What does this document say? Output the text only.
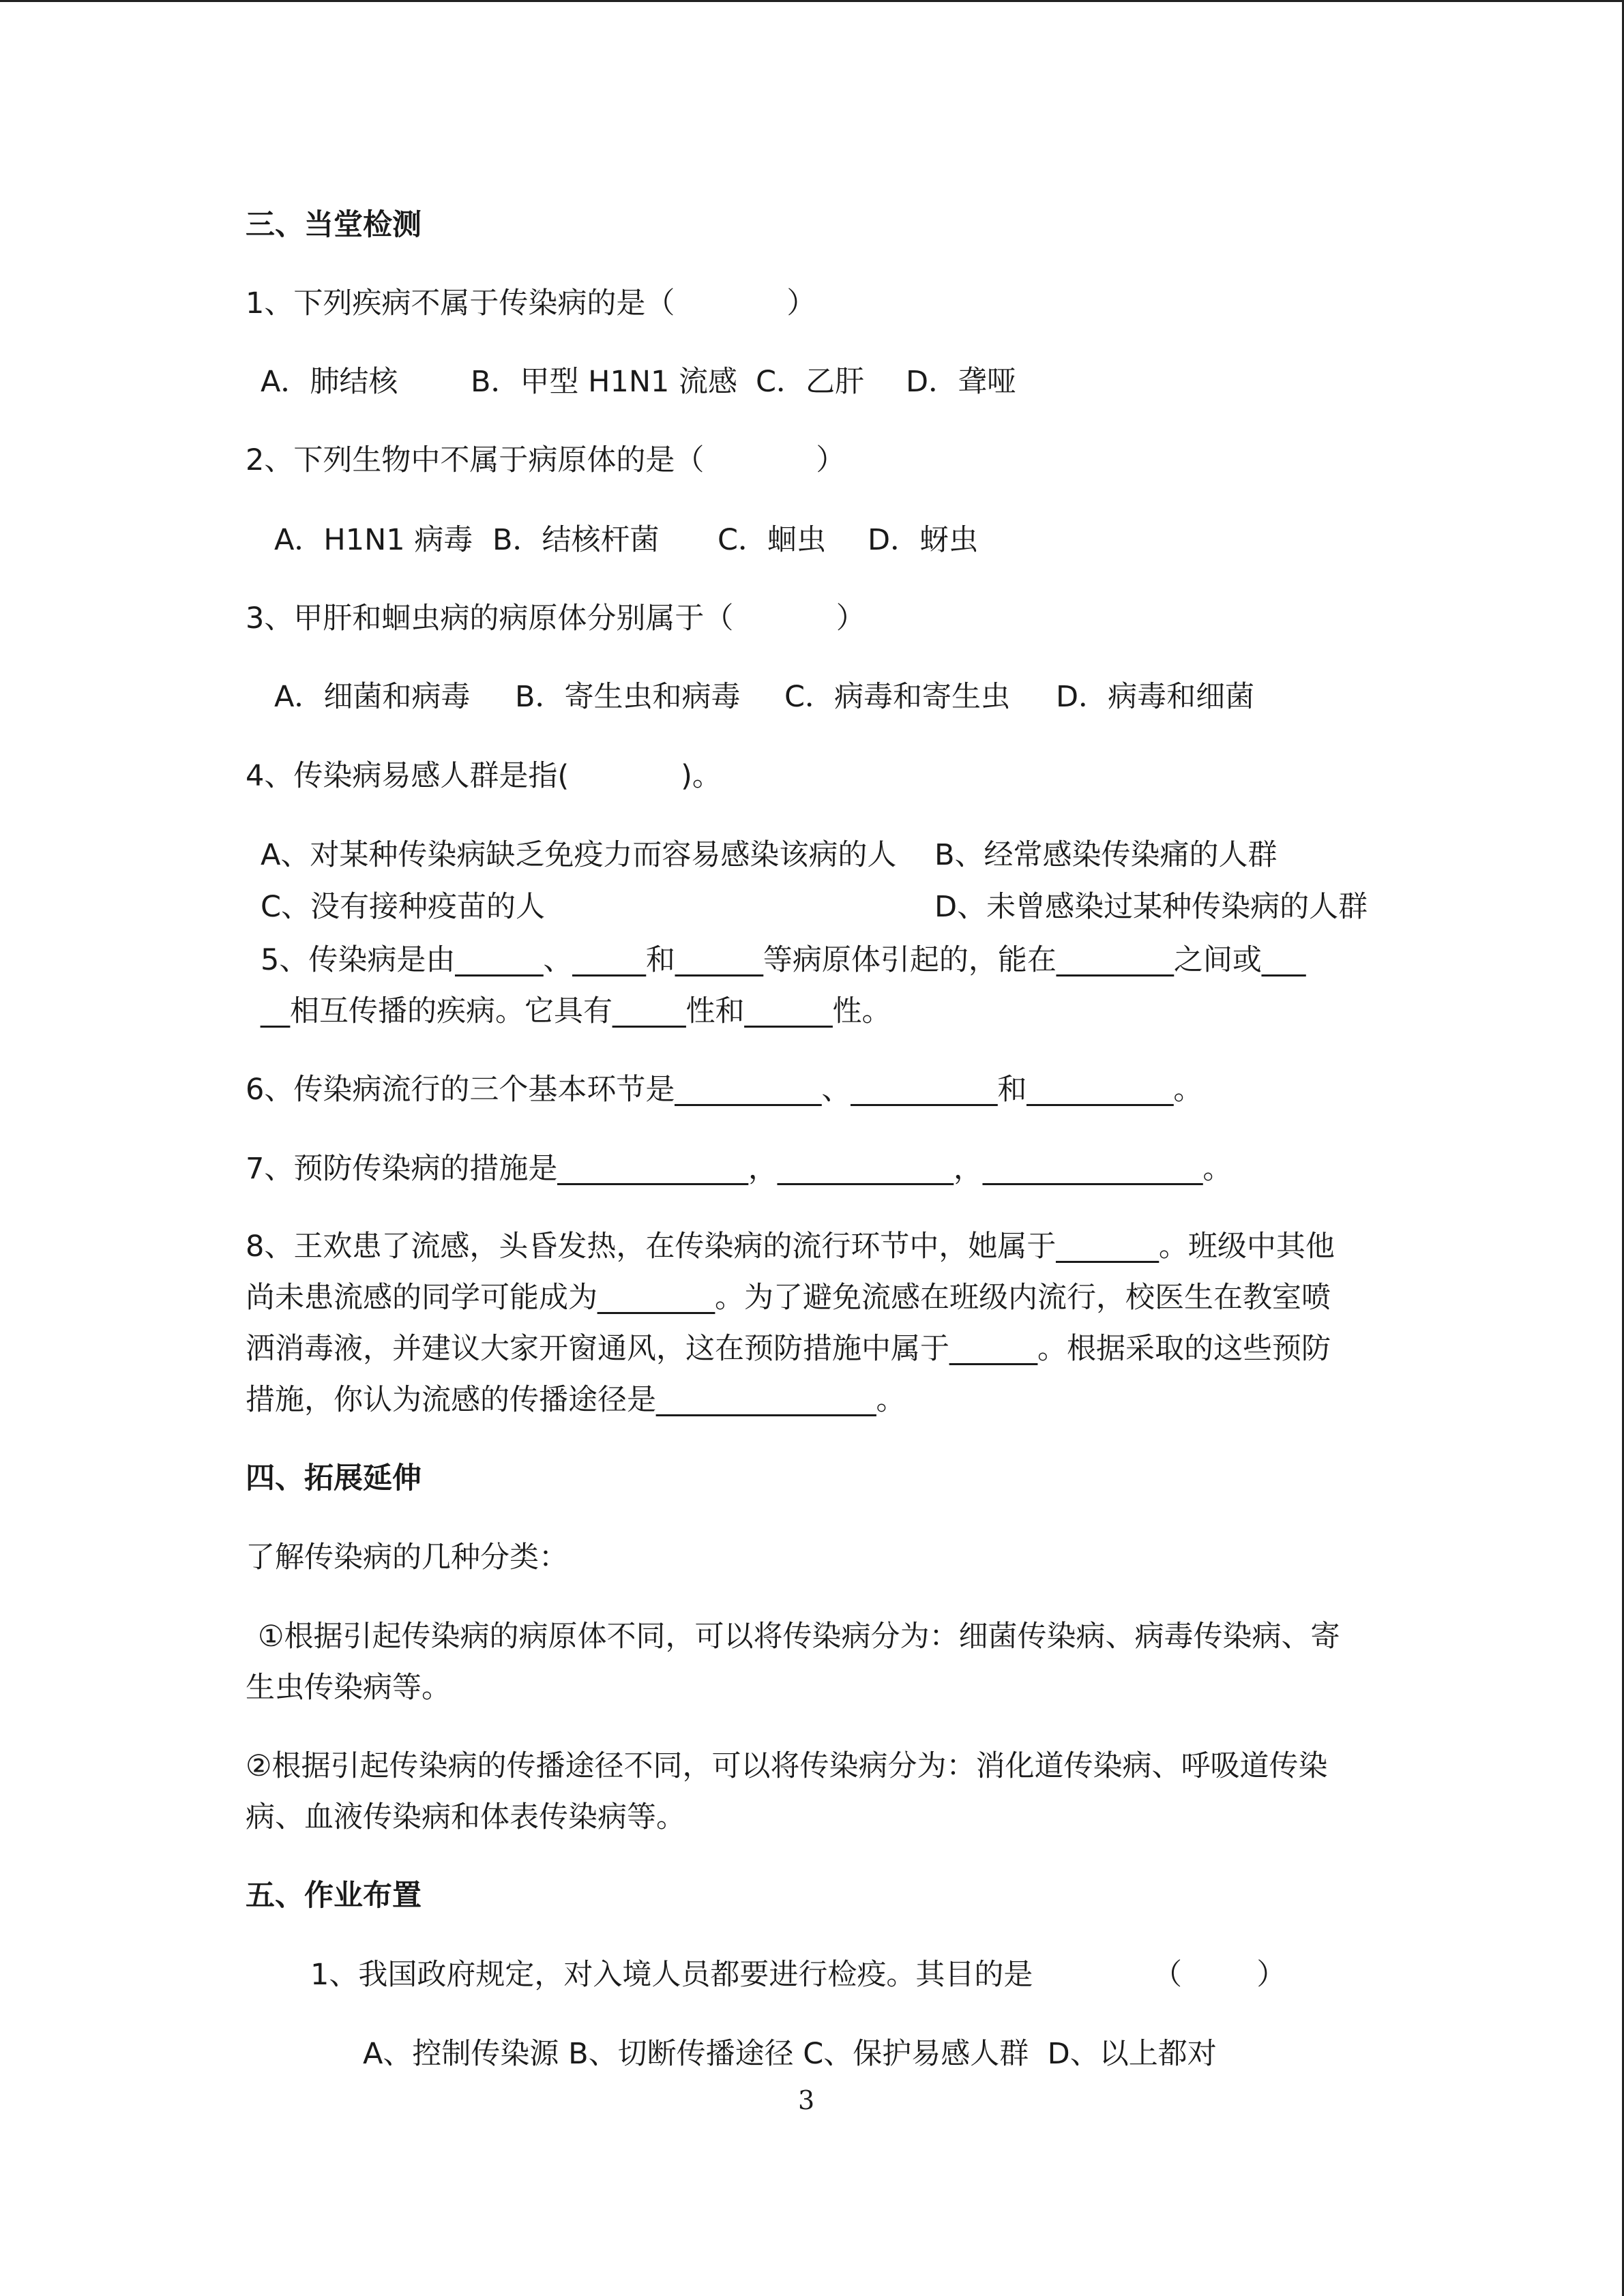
三、当堂检测
1、下列疾病不属于传染病的是（            ）
A．肺结核 B．甲型 H1N1 流感 C．乙肝 D．聋哑
2、下列生物中不属于病原体的是（            ）
A．H1N1 病毒 B．结核杆菌 C．蛔虫 D．蚜虫
3、甲肝和蛔虫病的病原体分别属于（           ）
A．细菌和病毒 B．寄生虫和病毒 C．病毒和寄生虫 D．病毒和细菌
4、传染病易感人群是指(            )。
A、对某种传染病缺乏免疫力而容易感染该病的人 B、经常感染传染痛的人群
C、没有接种疫苗的人	D、未曾感染过某种传染病的人群
5、传染病是由______、_____和______等病原体引起的，能在________之间或___
__相互传播的疾病。它具有_____性和______性。
6、传染病流行的三个基本环节是__________、__________和__________。
7、预防传染病的措施是_____________，____________，_______________。
8、王欢患了流感，头昏发热，在传染病的流行环节中，她属于_______。班级中其他
尚未患流感的同学可能成为________。为了避免流感在班级内流行，校医生在教室喷
洒消毒液，并建议大家开窗通风，这在预防措施中属于______。根据采取的这些预防
措施，你认为流感的传播途径是_______________。
四、拓展延伸
了解传染病的几种分类：
①根据引起传染病的病原体不同，可以将传染病分为：细菌传染病、病毒传染病、寄
生虫传染病等。
②根据引起传染病的传播途径不同，可以将传染病分为：消化道传染病、呼吸道传染
病、血液传染病和体表传染病等。
五、作业布置
1、我国政府规定，对入境人员都要进行检疫。其目的是	（        ）
A、控制传染源 B、切断传播途径 C、保护易感人群  D、以上都对
3
